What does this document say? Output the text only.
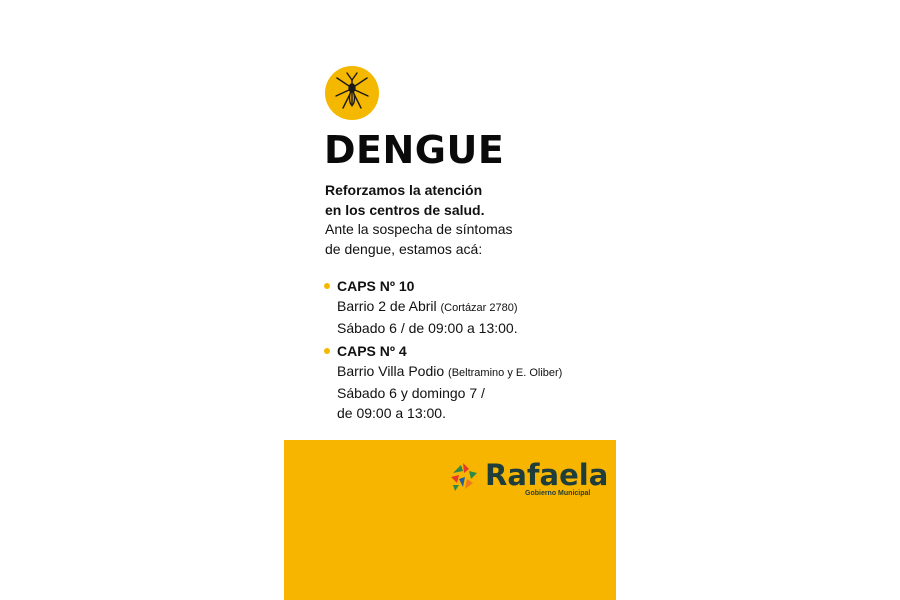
DENGUE
Reforzamos la atención
en los centros de salud.
Ante la sospecha de síntomas
de dengue, estamos acá:
CAPS Nº 10
Barrio 2 de Abril (Cortázar 2780)
Sábado 6 / de 09:00 a 13:00.
CAPS Nº 4
Barrio Villa Podio (Beltramino y E. Oliber)
Sábado 6 y domingo 7 /
de 09:00 a 13:00.
Rafaela
Gobierno Municipal
